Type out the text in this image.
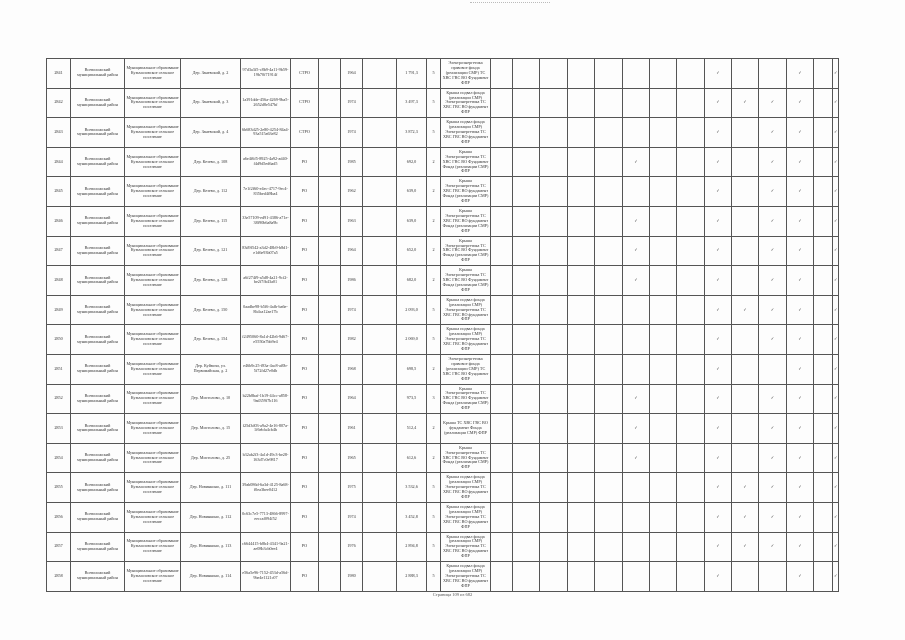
2841	Всеволожский муниципальный район	Муниципальное образование Кузьмоловское сельское поселение	Дер. Заневский, д. 2	97d3a3f5-c8b9-4a11-9b59-19b70f71914f	СТРО		1964		1 791,3	5	Электроэнергетика правовое фонда (реализации СМР) ТС ХВС ГВС ВО Фундамент ФПР									✓			✓		✓
2842	Всеволожский муниципальный район	Муниципальное образование Кузьмоловское сельское поселение	Дер. Заневский, д. 3	1a391dde-456a-4269-9ba5-2652d8e547bf	СТРО		1974		3 497,3	5	Крыша подвал фонда (реализации СМР) Электроэнергетика ТС ХВС ГВС ВО фундамент ФПР									✓	✓	✓	✓		✓
2843	Всеволожский муниципальный район	Муниципальное образование Кузьмоловское сельское поселение	Дер. Заневский, д. 4	6b683d25-2e80-4254-84a4-93a515a63e82	СТРО		1974		3 872,3	5	Крыша подвал фонда (реализации СМР) Электроэнергетика ТС ХВС ГВС ВО фундамент ФПР									✓		✓	✓		✓
2844	Всеволожский муниципальный район	Муниципальное образование Кузьмоловское сельское поселение	Дер. Кезево, д. 108	a6e4f6f5-8925-4a92-ad40-f4d9d5ed6ad5	РО		1985		692,0	2	Крыша Электроэнергетика ТС ХВС ГВС ВО Фундамент Фонда (реализации СМР) ФПР						✓			✓		✓	✓		✓
2845	Всеволожский муниципальный район	Муниципальное образование Кузьмоловское сельское поселение	Дер. Кезево, д. 112	7e1f2f60-e4ec-4717-9ec4-835bed4f8ba4	РО		1962		639,0	2	Крыша Электроэнергетика ТС ХВС ГВС ВО фундамент Фонда (реализации СМР) ФПР									✓		✓	✓		✓
2846	Всеволожский муниципальный район	Муниципальное образование Кузьмоловское сельское поселение	Дер. Кезево, д. 115	33e57109-ed91-4386-a71e-38f90b6a8a9b	РО		1963		639,0	2	Крыша Электроэнергетика ТС ХВС ГВС ВО фундамент Фонда (реализации СМР) ФПР						✓			✓		✓	✓		✓
2847	Всеволожский муниципальный район	Муниципальное образование Кузьмоловское сельское поселение	Дер. Кезево, д. 121	83d9f542-a3d2-48b9-b8d1-e1d6e93b07a5	РО		1964		652,0	2	Крыша Электроэнергетика ТС ХВС ГВС ВО Фундамент Фонда (реализации СМР) ФПР						✓			✓		✓	✓		✓
2848	Всеволожский муниципальный район	Муниципальное образование Кузьмоловское сельское поселение	Дер. Кезево, д. 128	a6f274f9-a5d8-4a21-9cf2-be2f7fb43a01	РО		1986		682,0	2	Крыша Электроэнергетика ТС ХВС ГВС ВО Фундамент Фонда (реализации СМР) ФПР						✓			✓		✓	✓		✓
2849	Всеволожский муниципальный район	Муниципальное образование Кузьмоловское сельское поселение	Дер. Кезево, д. 150	0aadbe98-b5f6-4afb-ba6e-8b4ca12ae17b	РО		1974		2 093,0	5	Крыша подвал фонда (реализации СМР) Электроэнергетика ТС ХВС ГВС ВО фундамент ФПР									✓	✓	✓	✓		✓
2850	Всеволожский муниципальный район	Муниципальное образование Кузьмоловское сельское поселение	Дер. Кезево, д. 154	f2495060-8a1d-42b6-9d67-e5550a7bb9e4	РО		1982		2 069,0	5	Крыша подвал фонда (реализации СМР) Электроэнергетика ТС ХВС ГВС ВО фундамент ФПР									✓		✓	✓		✓
2851	Всеволожский муниципальный район	Муниципальное образование Кузьмоловское сельское поселение	Дер. Куйвози, ул. Первомайская, д. 2	e46b9c25-f83a-4ac8-af0b-5f72fd27e0db	РО		1968		698,5	2	Электроэнергетика правовое фонда (реализации СМР) ТС ХВС ГВС ВО Фундамент ФПР									✓			✓		✓
2852	Всеволожский муниципальный район	Муниципальное образование Кузьмоловское сельское поселение	Дер. Мистолово, д. 10	b22b8baf-1b19-44cc-a858-9ad359f7b116	РО		1964		973,5	3	Крыша Электроэнергетика ТС ХВС ГВС ВО Фундамент Фонда (реализации СМР) ФПР						✓			✓		✓	✓		✓
2853	Всеволожский муниципальный район	Муниципальное образование Кузьмоловское сельское поселение	Дер. Мистолово, д. 15	f25d3d03-a9a2-4e16-807a-1f6ebfa4cb4b	РО		1961		512,4	2	Крыша ТС ХВС ГВС ВО фундамент Фонда (реализации СМР) ФПР						✓			✓		✓	✓		✓
2854	Всеволожский муниципальный район	Муниципальное образование Кузьмоловское сельское поселение	Дер. Мистолово, д. 25	b32ab2f3-4a1d-49c3-be28-163d7c0e9817	РО		1965		612,6	2	Крыша Электроэнергетика ТС ХВС ГВС ВО Фундамент Фонда (реализации СМР) ФПР						✓			✓		✓	✓		✓
2855	Всеволожский муниципальный район	Муниципальное образование Кузьмоловское сельское поселение	Дер. Новинкино, д. 111	39ab086d-6a3d-4125-8a68-f0ea3bee0412	РО		1975		3 532,6	5	Крыша подвал фонда (реализации СМР) Электроэнергетика ТС ХВС ГВС ВО фундамент ФПР									✓	✓	✓	✓		✓
2856	Всеволожский муниципальный район	Муниципальное образование Кузьмоловское сельское поселение	Дер. Новинкино, д. 112	0c63c7e5-7713-4866-8997-eeccaf094f52	РО		1974		3 452,8	5	Крыша подвал фонда (реализации СМР) Электроэнергетика ТС ХВС ГВС ВО фундамент ФПР									✓	✓	✓	✓		✓
2857	Всеволожский муниципальный район	Муниципальное образование Кузьмоловское сельское поселение	Дер. Новинкино, д. 113	c6644415-b8b4-4341-9a21-ae08b3cb0ee4	РО		1976		2 894,8	5	Крыша подвал фонда (реализации СМР) Электроэнергетика ТС ХВС ГВС ВО фундамент ФПР									✓	✓	✓	✓		✓
2858	Всеволожский муниципальный район	Муниципальное образование Кузьмоловское сельское поселение	Дер. Новинкино, д. 114	e56a5e96-7152-453d-a56d-9be4e1121c07	РО		1980		2 888,3	5	Крыша подвал фонда (реализации СМР) Электроэнергетика ТС ХВС ГВС ВО фундамент ФПР									✓			✓		✓
Страница 109 из 682
